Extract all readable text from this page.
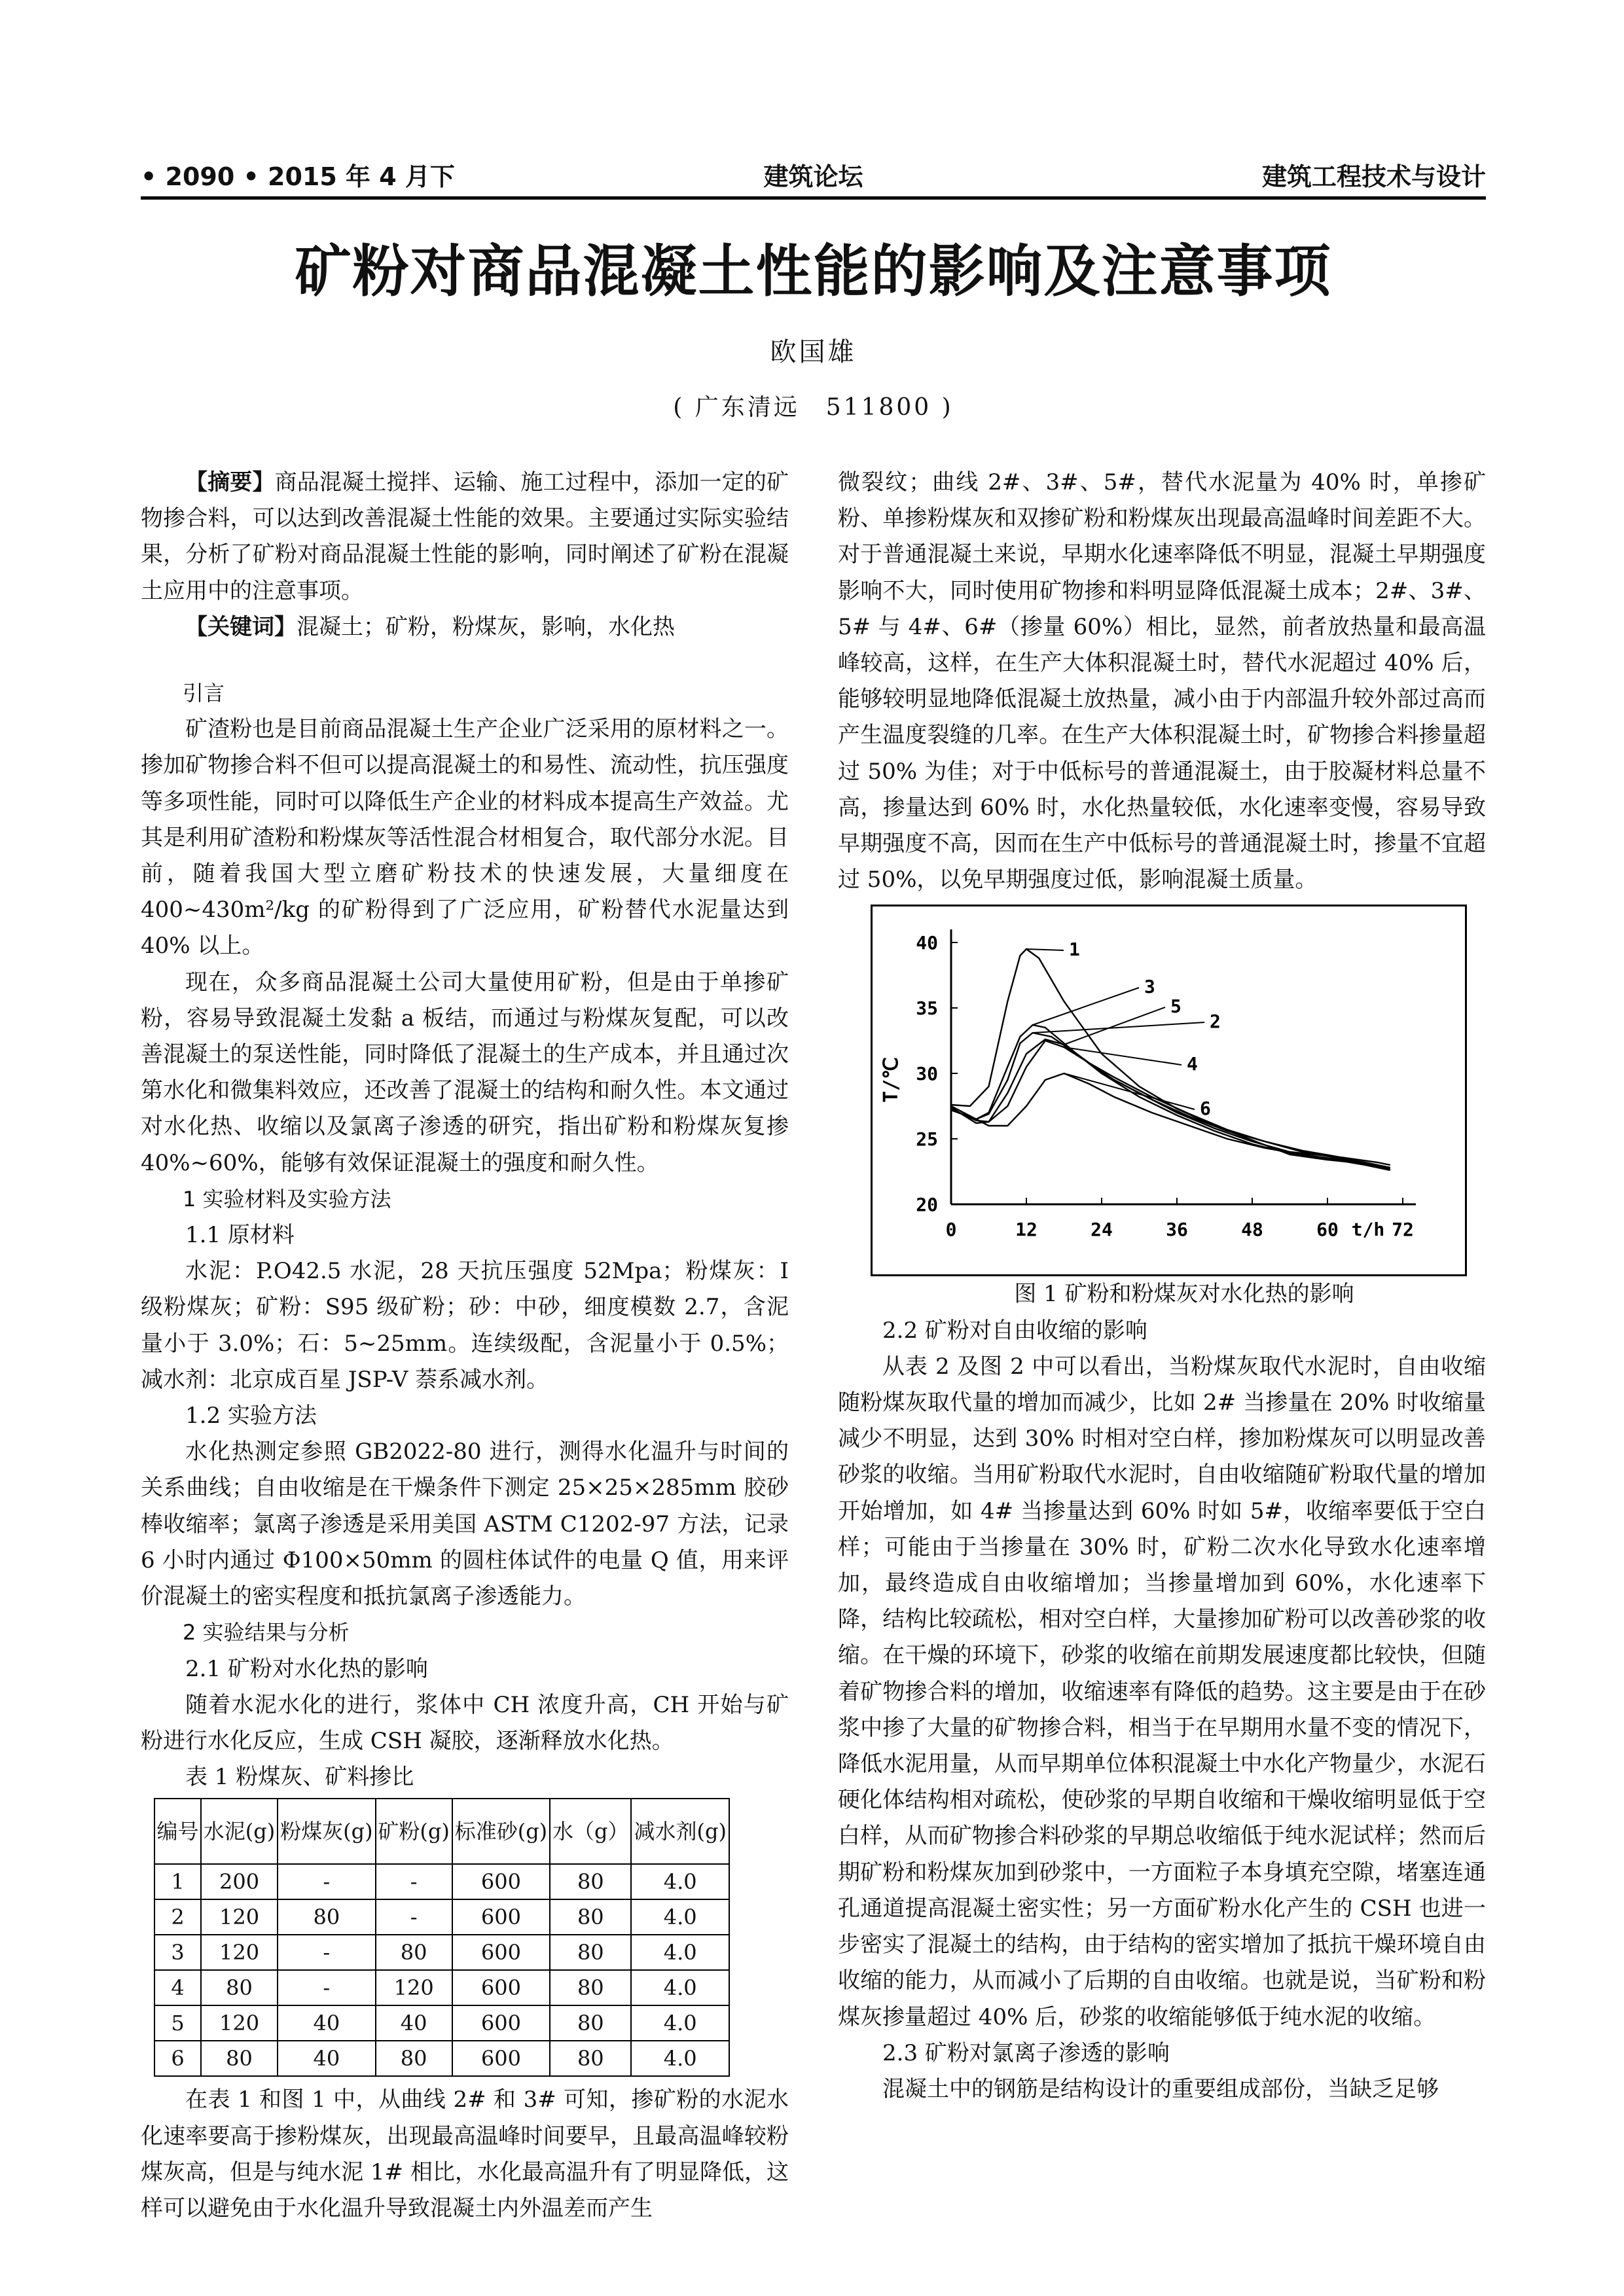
• 2090 • 2015 年 4 月下	建筑论坛	建筑工程技术与设计
矿粉对商品混凝土性能的影响及注意事项
欧国雄
( 广东清远　511800 )

【摘要】商品混凝土搅拌、运输、施工过程中，添加一定的矿物掺合料，可以达到改善混凝土性能的效果。主要通过实际实验结果，分析了矿粉对商品混凝土性能的影响，同时阐述了矿粉在混凝土应用中的注意事项。

【关键词】混凝土；矿粉，粉煤灰，影响，水化热

引言

矿渣粉也是目前商品混凝土生产企业广泛采用的原材料之一。掺加矿物掺合料不但可以提高混凝土的和易性、流动性，抗压强度等多项性能，同时可以降低生产企业的材料成本提高生产效益。尤其是利用矿渣粉和粉煤灰等活性混合材相复合，取代部分水泥。目前，随着我国大型立磨矿粉技术的快速发展，大量细度在 400~430m²/kg 的矿粉得到了广泛应用，矿粉替代水泥量达到 40% 以上。

现在，众多商品混凝土公司大量使用矿粉，但是由于单掺矿粉，容易导致混凝土发黏 a 板结，而通过与粉煤灰复配，可以改善混凝土的泵送性能，同时降低了混凝土的生产成本，并且通过次第水化和微集料效应，还改善了混凝土的结构和耐久性。本文通过对水化热、收缩以及氯离子渗透的研究，指出矿粉和粉煤灰复掺 40%~60%，能够有效保证混凝土的强度和耐久性。

1 实验材料及实验方法

1.1 原材料

水泥：P.O42.5 水泥，28 天抗压强度 52Mpa；粉煤灰：I 级粉煤灰；矿粉：S95 级矿粉；砂：中砂，细度模数 2.7，含泥量小于 3.0%；石：5~25mm。连续级配，含泥量小于 0.5%；减水剂：北京成百星 JSP-V 萘系减水剂。

1.2 实验方法

水化热测定参照 GB2022-80 进行，测得水化温升与时间的关系曲线；自由收缩是在干燥条件下测定 25×25×285mm 胶砂棒收缩率；氯离子渗透是采用美国 ASTM C1202-97 方法，记录 6 小时内通过 Φ100×50mm 的圆柱体试件的电量 Q 值，用来评价混凝土的密实程度和抵抗氯离子渗透能力。

2 实验结果与分析

2.1 矿粉对水化热的影响

随着水泥水化的进行，浆体中 CH 浓度升高，CH 开始与矿粉进行水化反应，生成 CSH 凝胶，逐渐释放水化热。

表 1 粉煤灰、矿料掺比

编号	水泥(g)	粉煤灰(g)	矿粉(g)	标准砂(g)	水（g）	减水剂(g)
1	200	-	-	600	80	4.0
2	120	80	-	600	80	4.0
3	120	-	80	600	80	4.0
4	80	-	120	600	80	4.0
5	120	40	40	600	80	4.0
6	80	40	80	600	80	4.0

在表 1 和图 1 中，从曲线 2# 和 3# 可知，掺矿粉的水泥水化速率要高于掺粉煤灰，出现最高温峰时间要早，且最高温峰较粉煤灰高，但是与纯水泥 1# 相比，水化最高温升有了明显降低，这样可以避免由于水化温升导致混凝土内外温差而产生

微裂纹；曲线 2#、3#、5#，替代水泥量为 40% 时，单掺矿粉、单掺粉煤灰和双掺矿粉和粉煤灰出现最高温峰时间差距不大。对于普通混凝土来说，早期水化速率降低不明显，混凝土早期强度影响不大，同时使用矿物掺和料明显降低混凝土成本；2#、3#、5# 与 4#、6#（掺量 60%）相比，显然，前者放热量和最高温峰较高，这样，在生产大体积混凝土时，替代水泥超过 40% 后，能够较明显地降低混凝土放热量，减小由于内部温升较外部过高而产生温度裂缝的几率。在生产大体积混凝土时，矿物掺合料掺量超过 50% 为佳；对于中低标号的普通混凝土，由于胶凝材料总量不高，掺量达到 60% 时，水化热量较低，水化速率变慢，容易导致早期强度不高，因而在生产中低标号的普通混凝土时，掺量不宜超过 50%，以免早期强度过低，影响混凝土质量。

20
25
30
35
40
0	12	24	36	48	60 t/h 72
T/℃
1
2
3
4
5
6

图 1 矿粉和粉煤灰对水化热的影响

2.2 矿粉对自由收缩的影响

从表 2 及图 2 中可以看出，当粉煤灰取代水泥时，自由收缩随粉煤灰取代量的增加而减少，比如 2# 当掺量在 20% 时收缩量减少不明显，达到 30% 时相对空白样，掺加粉煤灰可以明显改善砂浆的收缩。当用矿粉取代水泥时，自由收缩随矿粉取代量的增加开始增加，如 4# 当掺量达到 60% 时如 5#，收缩率要低于空白样；可能由于当掺量在 30% 时，矿粉二次水化导致水化速率增加，最终造成自由收缩增加；当掺量增加到 60%，水化速率下降，结构比较疏松，相对空白样，大量掺加矿粉可以改善砂浆的收缩。在干燥的环境下，砂浆的收缩在前期发展速度都比较快，但随着矿物掺合料的增加，收缩速率有降低的趋势。这主要是由于在砂浆中掺了大量的矿物掺合料，相当于在早期用水量不变的情况下，降低水泥用量，从而早期单位体积混凝土中水化产物量少，水泥石硬化体结构相对疏松，使砂浆的早期自收缩和干燥收缩明显低于空白样，从而矿物掺合料砂浆的早期总收缩低于纯水泥试样；然而后期矿粉和粉煤灰加到砂浆中，一方面粒子本身填充空隙，堵塞连通孔通道提高混凝土密实性；另一方面矿粉水化产生的 CSH 也进一步密实了混凝土的结构，由于结构的密实增加了抵抗干燥环境自由收缩的能力，从而减小了后期的自由收缩。也就是说，当矿粉和粉煤灰掺量超过 40% 后，砂浆的收缩能够低于纯水泥的收缩。

2.3 矿粉对氯离子渗透的影响

混凝土中的钢筋是结构设计的重要组成部份，当缺乏足够
